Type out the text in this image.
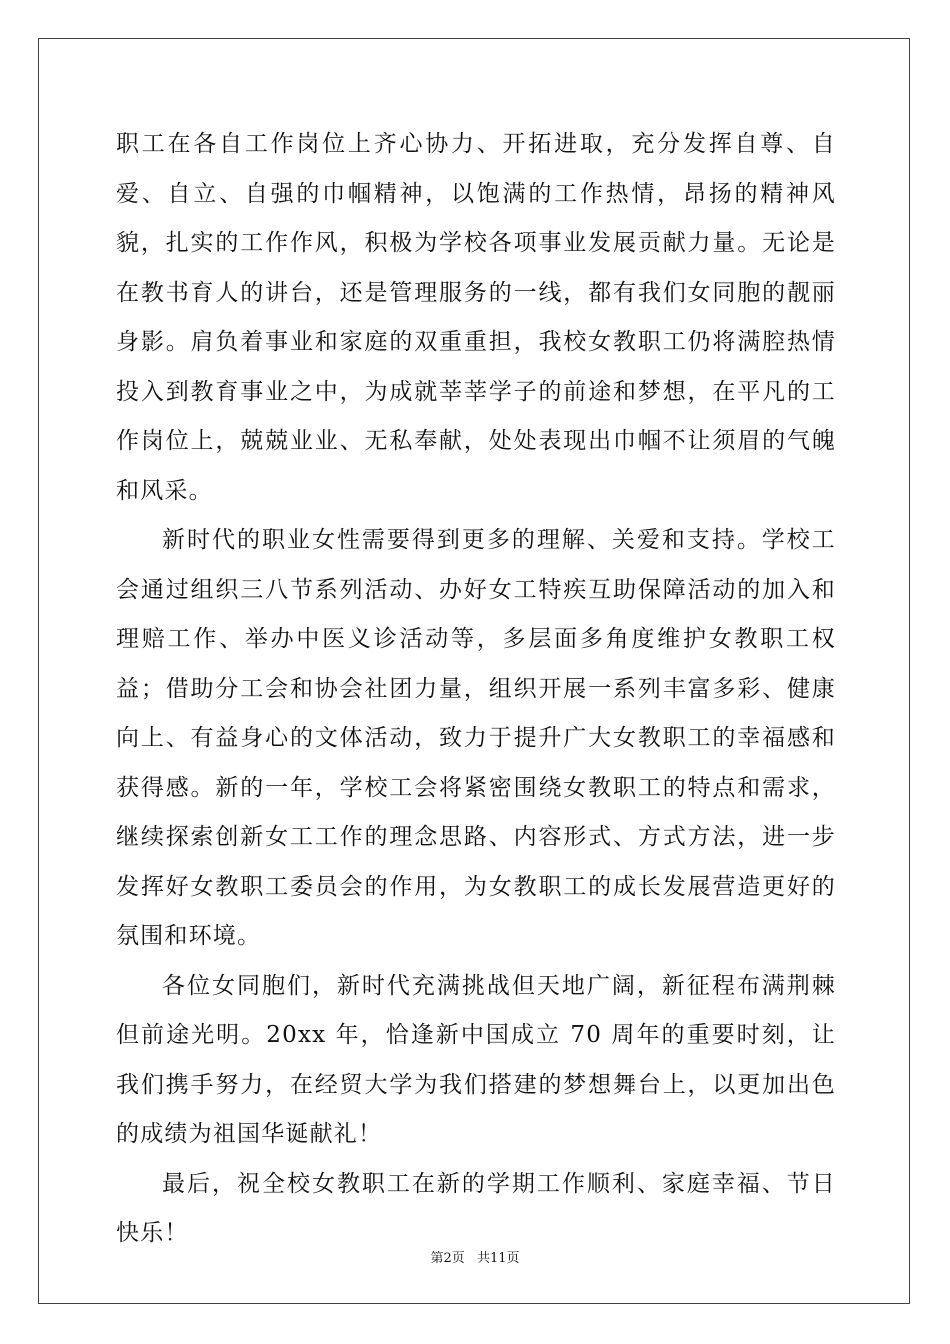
职工在各自工作岗位上齐心协力、开拓进取，充分发挥自尊、自爱、自立、自强的巾帼精神，以饱满的工作热情，昂扬的精神风貌，扎实的工作作风，积极为学校各项事业发展贡献力量。无论是在教书育人的讲台，还是管理服务的一线，都有我们女同胞的靓丽身影。肩负着事业和家庭的双重重担，我校女教职工仍将满腔热情投入到教育事业之中，为成就莘莘学子的前途和梦想，在平凡的工作岗位上，兢兢业业、无私奉献，处处表现出巾帼不让须眉的气魄和风采。

新时代的职业女性需要得到更多的理解、关爱和支持。学校工会通过组织三八节系列活动、办好女工特疾互助保障活动的加入和理赔工作、举办中医义诊活动等，多层面多角度维护女教职工权益；借助分工会和协会社团力量，组织开展一系列丰富多彩、健康向上、有益身心的文体活动，致力于提升广大女教职工的幸福感和获得感。新的一年，学校工会将紧密围绕女教职工的特点和需求，继续探索创新女工工作的理念思路、内容形式、方式方法，进一步发挥好女教职工委员会的作用，为女教职工的成长发展营造更好的氛围和环境。

各位女同胞们，新时代充满挑战但天地广阔，新征程布满荆棘但前途光明。20xx 年，恰逢新中国成立 70 周年的重要时刻，让我们携手努力，在经贸大学为我们搭建的梦想舞台上，以更加出色的成绩为祖国华诞献礼！

最后，祝全校女教职工在新的学期工作顺利、家庭幸福、节日快乐！

第2页 共11页
